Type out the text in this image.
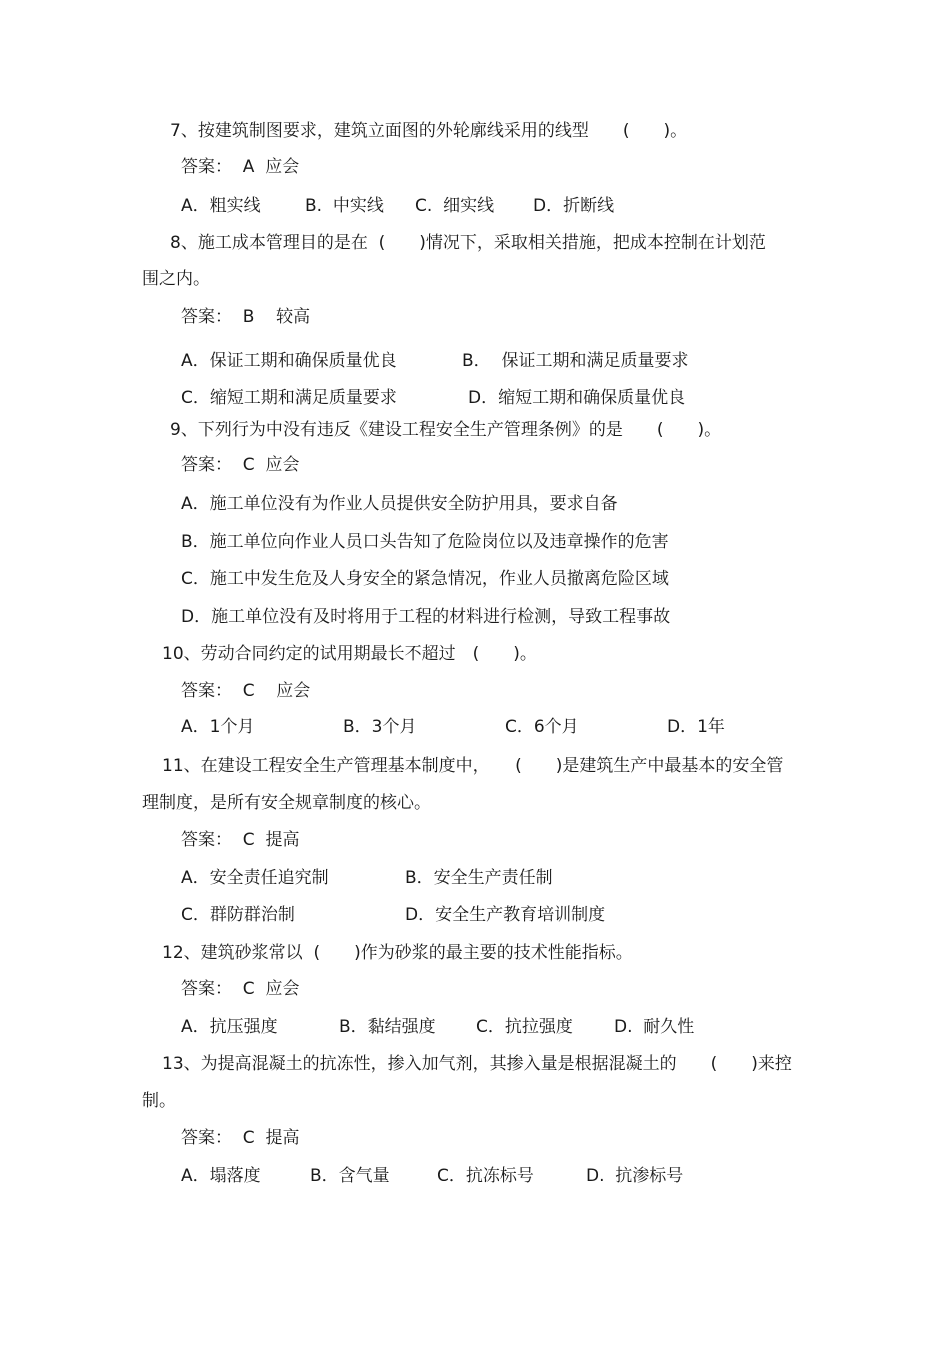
7、按建筑制图要求，建筑立面图的外轮廓线采用的线型　　(　　)。
答案：  A  应会
A．粗实线	B.  中实线 C.  细实线 D．折断线
8、施工成本管理目的是在  (　　)情况下，采取相关措施，把成本控制在计划范
围之内。
答案：  B    较高
A．保证工期和确保质量优良	B．  保证工期和满足质量要求
C．缩短工期和满足质量要求	D．缩短工期和确保质量优良
9、下列行为中没有违反《建设工程安全生产管理条例》的是　　(　　)。
答案：  C  应会
A．施工单位没有为作业人员提供安全防护用具，要求自备
B．施工单位向作业人员口头告知了危险岗位以及违章操作的危害
C．施工中发生危及人身安全的紧急情况，作业人员撤离危险区域
D．施工单位没有及时将用于工程的材料进行检测，导致工程事故
10、劳动合同约定的试用期最长不超过　(　　)。
答案：  C    应会
A．1个月	B．3个月	C．6个月	D．1年
11、在建设工程安全生产管理基本制度中，　　(　　)是建筑生产中最基本的安全管
理制度，是所有安全规章制度的核心。
答案：  C  提高
A．安全责任追究制	B．安全生产责任制
C．群防群治制	D．安全生产教育培训制度
12、建筑砂浆常以  (　　)作为砂浆的最主要的技术性能指标。
答案：  C  应会
A．抗压强度	B．黏结强度 C．抗拉强度 D.  耐久性
13、为提高混凝土的抗冻性，掺入加气剂，其掺入量是根据混凝土的　　(　　)来控
制。
答案：  C  提高
A．塌落度	B．含气量	C．抗冻标号	D.  抗渗标号
